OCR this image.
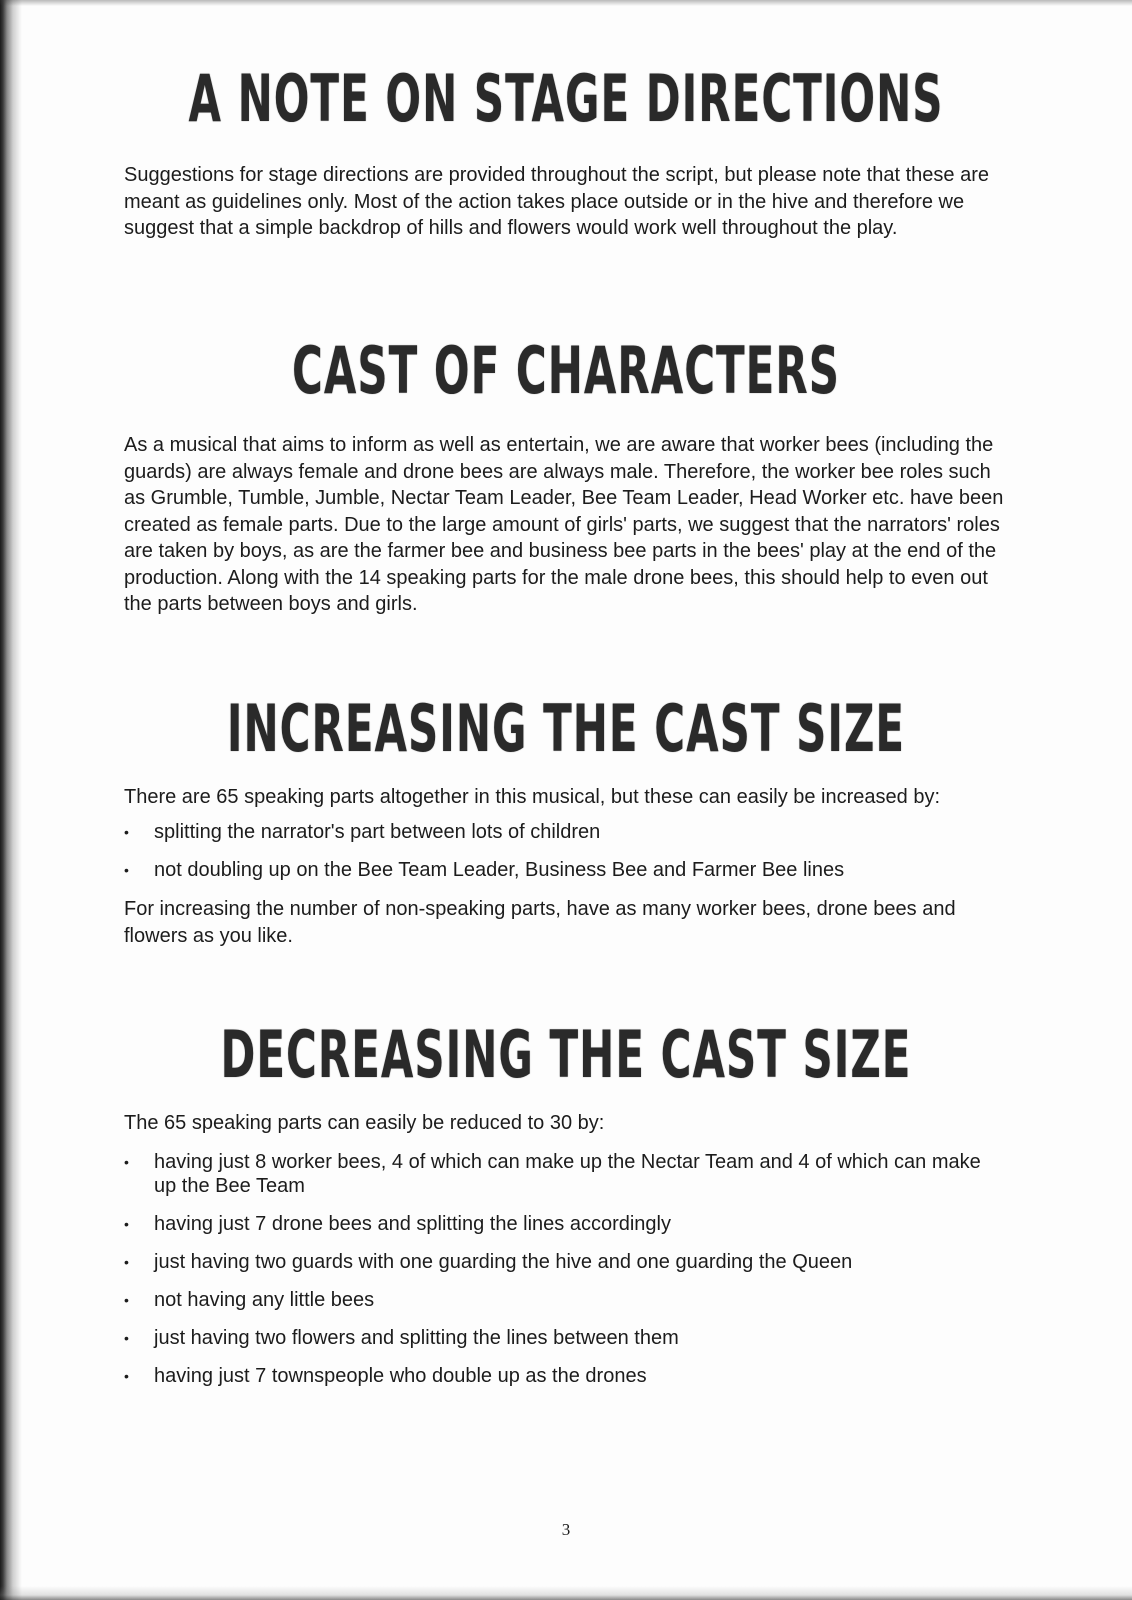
A NOTE ON STAGE DIRECTIONS

Suggestions for stage directions are provided throughout the script, but please note that these are meant as guidelines only. Most of the action takes place outside or in the hive and therefore we suggest that a simple backdrop of hills and flowers would work well throughout the play.

CAST OF CHARACTERS

As a musical that aims to inform as well as entertain, we are aware that worker bees (including the guards) are always female and drone bees are always male. Therefore, the worker bee roles such as Grumble, Tumble, Jumble, Nectar Team Leader, Bee Team Leader, Head Worker etc. have been created as female parts. Due to the large amount of girls' parts, we suggest that the narrators' roles are taken by boys, as are the farmer bee and business bee parts in the bees' play at the end of the production. Along with the 14 speaking parts for the male drone bees, this should help to even out the parts between boys and girls.

INCREASING THE CAST SIZE

There are 65 speaking parts altogether in this musical, but these can easily be increased by:

• splitting the narrator's part between lots of children
• not doubling up on the Bee Team Leader, Business Bee and Farmer Bee lines

For increasing the number of non-speaking parts, have as many worker bees, drone bees and flowers as you like.

DECREASING THE CAST SIZE

The 65 speaking parts can easily be reduced to 30 by:

• having just 8 worker bees, 4 of which can make up the Nectar Team and 4 of which can make up the Bee Team
• having just 7 drone bees and splitting the lines accordingly
• just having two guards with one guarding the hive and one guarding the Queen
• not having any little bees
• just having two flowers and splitting the lines between them
• having just 7 townspeople who double up as the drones
3
